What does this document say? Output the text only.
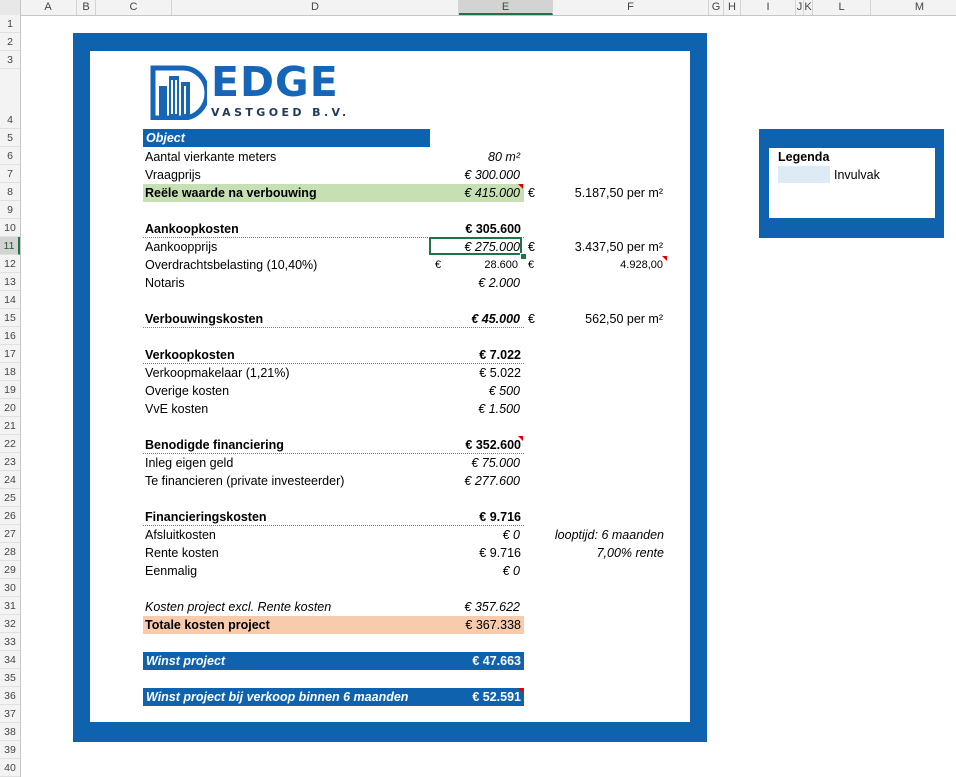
A	B	C	D	E	F	G H	I	J K	L	M
1
2
3
4
5
6
7
8
9
10
11
12
13
14
15
16
17
18
19
20
21
22
23
24
25
26
27
28
29
30
31
32
33
34
35
36
37
38
39
40
EDGE
VASTGOED B.V.
Object
Aantal vierkante meters	80 m²
Vraagprijs	€ 300.000
Reële waarde na verbouwing	€ 415.000 €	5.187,50 per m²
Aankoopkosten	€ 305.600
Aankoopprijs	€ 275.000 €	3.437,50 per m²
Overdrachtsbelasting (10,40%)	€	28.600 €	4.928,00
Notaris	€ 2.000
Verbouwingskosten	€ 45.000 €	562,50 per m²
Verkoopkosten	€ 7.022
Verkoopmakelaar (1,21%)	€ 5.022
Overige kosten	€ 500
VvE kosten	€ 1.500
Benodigde financiering	€ 352.600
Inleg eigen geld	€ 75.000
Te financieren (private investeerder)	€ 277.600
Financieringskosten	€ 9.716
Afsluitkosten	€ 0	looptijd: 6 maanden
Rente kosten	€ 9.716	7,00% rente
Eenmalig	€ 0
Kosten project excl. Rente kosten	€ 357.622
Totale kosten project	€ 367.338
Winst project	€ 47.663
Winst project bij verkoop binnen 6 maanden	€ 52.591
Legenda
Invulvak
